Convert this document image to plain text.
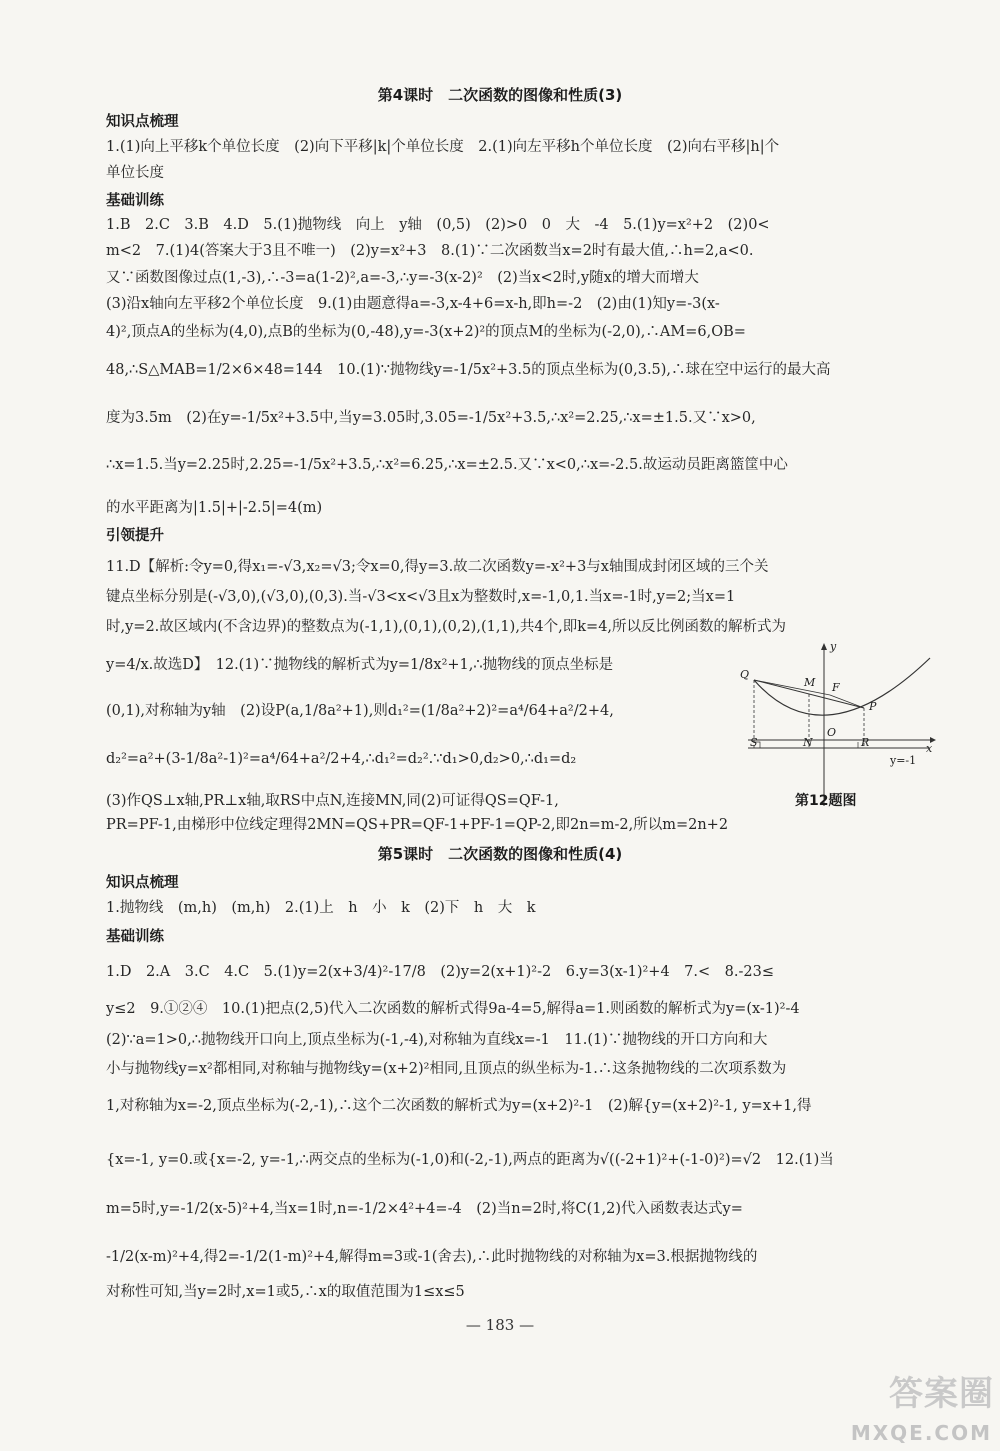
第4课时　二次函数的图像和性质(3)
知识点梳理
1.(1)向上平移k个单位长度　(2)向下平移|k|个单位长度　2.(1)向左平移h个单位长度　(2)向右平移|h|个
单位长度
基础训练
1.B　2.C　3.B　4.D　5.(1)抛物线　向上　y轴　(0,5)　(2)>0　0　大　-4　5.(1)y=x²+2　(2)0<
m<2　7.(1)4(答案大于3且不唯一)　(2)y=x²+3　8.(1)∵二次函数当x=2时有最大值,∴h=2,a<0.
又∵函数图像过点(1,-3),∴-3=a(1-2)²,a=-3,∴y=-3(x-2)²　(2)当x<2时,y随x的增大而增大
(3)沿x轴向左平移2个单位长度　9.(1)由题意得a=-3,x-4+6=x-h,即h=-2　(2)由(1)知y=-3(x-
4)²,顶点A的坐标为(4,0),点B的坐标为(0,-48),y=-3(x+2)²的顶点M的坐标为(-2,0),∴AM=6,OB=
48,∴S△MAB=1/2×6×48=144　10.(1)∵抛物线y=-1/5x²+3.5的顶点坐标为(0,3.5),∴球在空中运行的最大高
度为3.5m　(2)在y=-1/5x²+3.5中,当y=3.05时,3.05=-1/5x²+3.5,∴x²=2.25,∴x=±1.5.又∵x>0,
∴x=1.5.当y=2.25时,2.25=-1/5x²+3.5,∴x²=6.25,∴x=±2.5.又∵x<0,∴x=-2.5.故运动员距离篮筐中心
的水平距离为|1.5|+|-2.5|=4(m)
引领提升
11.D【解析:令y=0,得x₁=-√3,x₂=√3;令x=0,得y=3.故二次函数y=-x²+3与x轴围成封闭区域的三个关
键点坐标分别是(-√3,0),(√3,0),(0,3).当-√3<x<√3且x为整数时,x=-1,0,1.当x=-1时,y=2;当x=1
时,y=2.故区域内(不含边界)的整数点为(-1,1),(0,1),(0,2),(1,1),共4个,即k=4,所以反比例函数的解析式为
y=4/x.故选D】　12.(1)∵抛物线的解析式为y=1/8x²+1,∴抛物线的顶点坐标是
(0,1),对称轴为y轴　(2)设P(a,1/8a²+1),则d₁²=(1/8a²+2)²=a⁴/64+a²/2+4,
d₂²=a²+(3-1/8a²-1)²=a⁴/64+a²/2+4,∴d₁²=d₂².∵d₁>0,d₂>0,∴d₁=d₂
(3)作QS⊥x轴,PR⊥x轴,取RS中点N,连接MN,同(2)可证得QS=QF-1,
PR=PF-1,由梯形中位线定理得2MN=QS+PR=QF-1+PF-1=QP-2,即2n=m-2,所以m=2n+2
y
x
Q
M F
P
S	N
O
R
y=-1
第12题图
第5课时　二次函数的图像和性质(4)
知识点梳理
1.抛物线　(m,h)　(m,h)　2.(1)上　h　小　k　(2)下　h　大　k
基础训练
1.D　2.A　3.C　4.C　5.(1)y=2(x+3/4)²-17/8　(2)y=2(x+1)²-2　6.y=3(x-1)²+4　7.<　8.-23≤
y≤2　9.①②④　10.(1)把点(2,5)代入二次函数的解析式得9a-4=5,解得a=1.则函数的解析式为y=(x-1)²-4
(2)∵a=1>0,∴抛物线开口向上,顶点坐标为(-1,-4),对称轴为直线x=-1　11.(1)∵抛物线的开口方向和大
小与抛物线y=x²都相同,对称轴与抛物线y=(x+2)²相同,且顶点的纵坐标为-1.∴这条抛物线的二次项系数为
1,对称轴为x=-2,顶点坐标为(-2,-1),∴这个二次函数的解析式为y=(x+2)²-1　(2)解{y=(x+2)²-1, y=x+1,得
{x=-1, y=0.或{x=-2, y=-1,∴两交点的坐标为(-1,0)和(-2,-1),两点的距离为√((-2+1)²+(-1-0)²)=√2　12.(1)当
m=5时,y=-1/2(x-5)²+4,当x=1时,n=-1/2×4²+4=-4　(2)当n=2时,将C(1,2)代入函数表达式y=
-1/2(x-m)²+4,得2=-1/2(1-m)²+4,解得m=3或-1(舍去),∴此时抛物线的对称轴为x=3.根据抛物线的
对称性可知,当y=2时,x=1或5,∴x的取值范围为1≤x≤5
— 183 —
答案圈
MXQE.COM
